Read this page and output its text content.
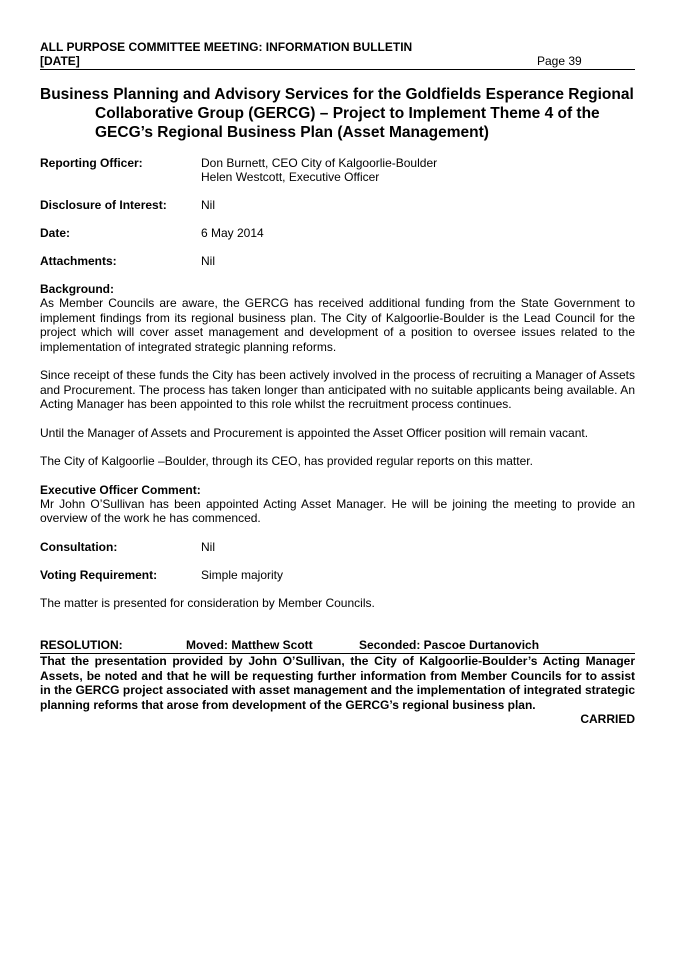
ALL PURPOSE COMMITTEE MEETING: INFORMATION BULLETIN
[DATE]	Page 39
Business Planning and Advisory Services for the Goldfields Esperance Regional Collaborative Group (GERCG) – Project to Implement Theme 4 of the GECG’s Regional Business Plan (Asset Management)
Reporting Officer:	Don Burnett, CEO City of Kalgoorlie-Boulder
Helen Westcott, Executive Officer
Disclosure of Interest:	Nil
Date:	6 May 2014
Attachments:	Nil
Background:
As Member Councils are aware, the GERCG has received additional funding from the State Government to implement findings from its regional business plan. The City of Kalgoorlie-Boulder is the Lead Council for the project which will cover asset management and development of a position to oversee issues related to the implementation of integrated strategic planning reforms.
Since receipt of these funds the City has been actively involved in the process of recruiting a Manager of Assets and Procurement. The process has taken longer than anticipated with no suitable applicants being available. An Acting Manager has been appointed to this role whilst the recruitment process continues.
Until the Manager of Assets and Procurement is appointed the Asset Officer position will remain vacant.
The City of Kalgoorlie –Boulder, through its CEO, has provided regular reports on this matter.
Executive Officer Comment:
Mr John O’Sullivan has been appointed Acting Asset Manager. He will be joining the meeting to provide an overview of the work he has commenced.
Consultation:	Nil
Voting Requirement:	Simple majority
The matter is presented for consideration by Member Councils.
RESOLUTION:	Moved: Matthew Scott	Seconded: Pascoe Durtanovich
That the presentation provided by John O’Sullivan, the City of Kalgoorlie-Boulder’s Acting Manager Assets, be noted and that he will be requesting further information from Member Councils for to assist in the GERCG project associated with asset management and the implementation of integrated strategic planning reforms that arose from development of the GERCG’s regional business plan.
CARRIED
